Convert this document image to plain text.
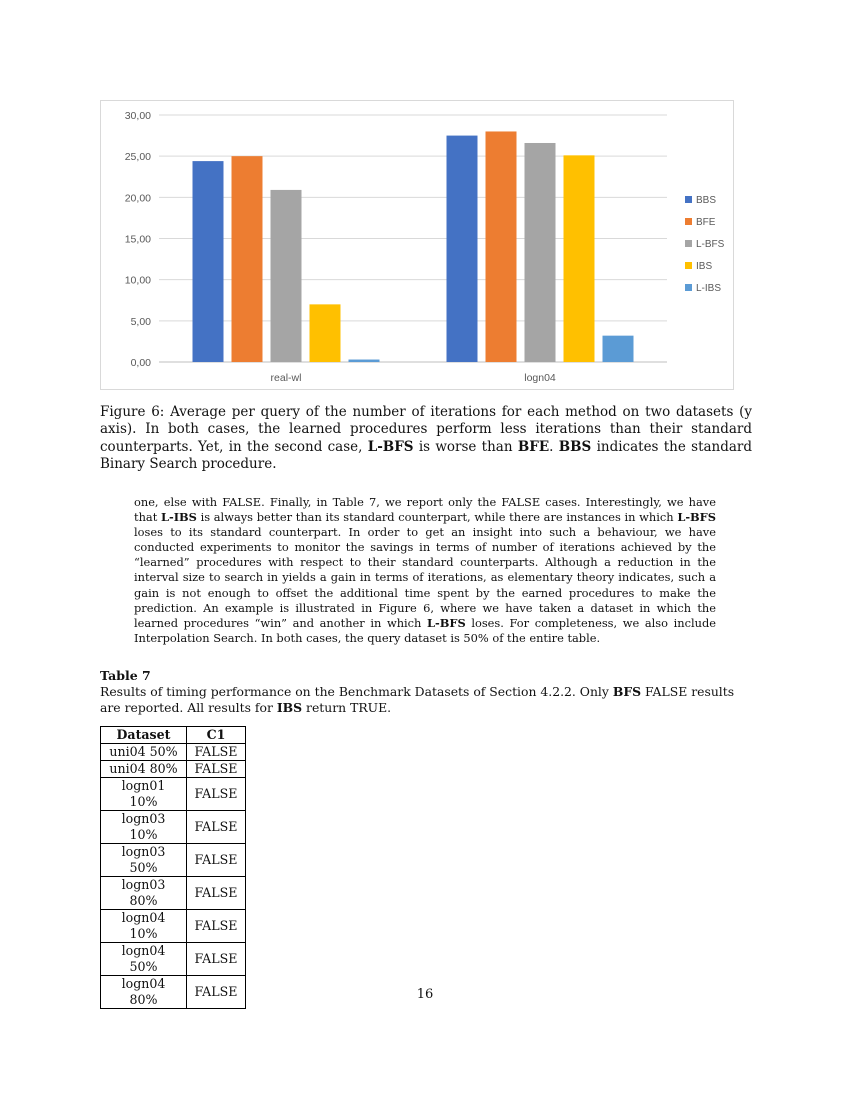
0,00
5,00
10,00
15,00
20,00
25,00
30,00
real-wl	logn04
BBS
BFE
L-BFS
IBS
L-IBS
Figure 6: Average per query of the number of iterations for each method on two datasets (y axis). In both cases, the learned procedures perform less iterations than their standard counterparts. Yet, in the second case, L-BFS is worse than BFE. BBS indicates the standard Binary Search procedure.
one, else with FALSE. Finally, in Table 7, we report only the FALSE cases. Interestingly, we have that L-IBS is always better than its standard counterpart, while there are instances in which L-BFS loses to its standard counterpart. In order to get an insight into such a behaviour, we have conducted experiments to monitor the savings in terms of number of iterations achieved by the “learned” procedures with respect to their standard counterparts. Although a reduction in the interval size to search in yields a gain in terms of iterations, as elementary theory indicates, such a gain is not enough to offset the additional time spent by the earned procedures to make the prediction. An example is illustrated in Figure 6, where we have taken a dataset in which the learned procedures “win” and another in which L-BFS loses. For completeness, we also include Interpolation Search. In both cases, the query dataset is 50% of the entire table.
Table 7
Results of timing performance on the Benchmark Datasets of Section 4.2.2. Only BFS FALSE results are reported. All results for IBS return TRUE.
Dataset	C1
uni04 50%	FALSE
uni04 80%	FALSE
logn01 10%	FALSE
logn03 10%	FALSE
logn03 50%	FALSE
logn03 80%	FALSE
logn04 10%	FALSE
logn04 50%	FALSE
logn04 80%	FALSE	16
